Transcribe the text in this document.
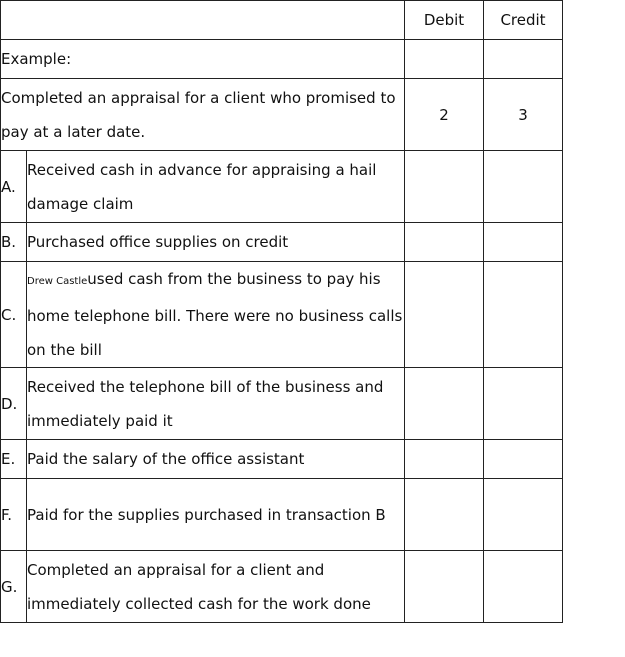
		Debit	Credit
Example:			
Completed an appraisal for a client who promised to pay at a later date.		2	3
A.	Received cash in advance for appraising a hail damage claim		
B.	Purchased office supplies on credit		
C.	Drew Castleused cash from the business to pay his home telephone bill. There were no business calls on the bill		
D.	Received the telephone bill of the business and immediately paid it		
E.	Paid the salary of the office assistant		
F.	Paid for the supplies purchased in transaction B		
G.	Completed an appraisal for a client and immediately collected cash for the work done		
